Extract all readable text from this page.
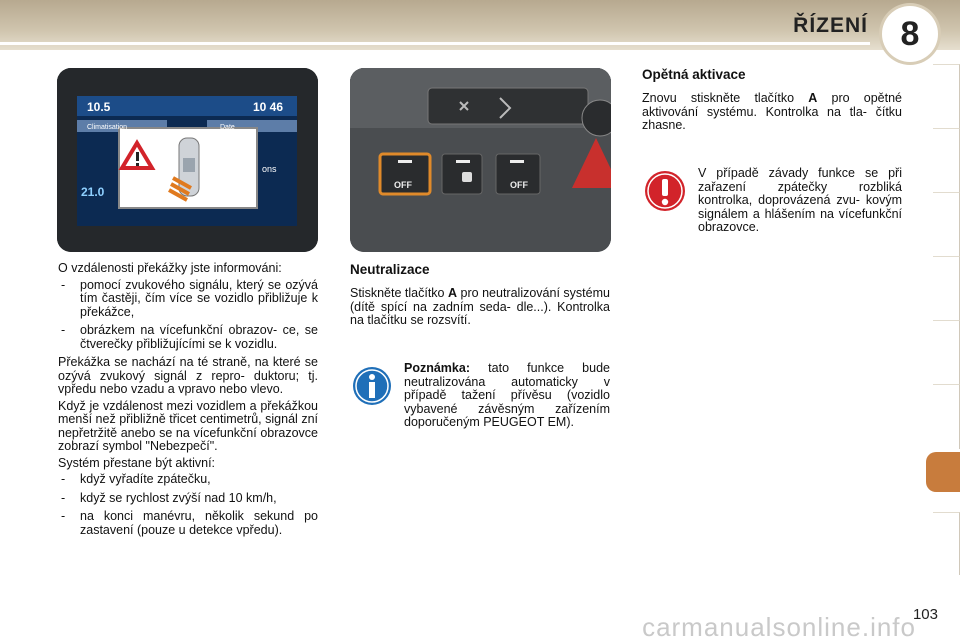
ŘÍZENÍ 8
10.5	10 46
Climatisation	Date
21.0
ons
OFF	OFF

O vzdálenosti překážky jste informováni:

- pomocí zvukového signálu, který se ozývá tím častěji, čím více se vozidlo přibližuje k překážce,
- obrázkem na vícefunkční obrazov- ce, se čtverečky přibližujícími se k vozidlu.

Překážka se nachází na té straně, na které se ozývá zvukový signál z repro- duktoru; tj. vpředu nebo vzadu a vpravo nebo vlevo.

Když je vzdálenost mezi vozidlem a překážkou menší než přibližně třicet centimetrů, signál zní nepřetržitě anebo se na vícefunkční obrazovce zobrazí symbol "Nebezpečí".

Systém přestane být aktivní:

- když vyřadíte zpátečku,
- když se rychlost zvýší nad 10 km/h,
- na konci manévru, několik sekund po zastavení (pouze u detekce vpředu).
Neutralizace
Stiskněte tlačítko A pro neutralizování systému (dítě spící na zadním seda- dle...). Kontrolka na tlačítku se rozsvítí.
Poznámka: tato funkce bude neutralizována automaticky v případě tažení přívěsu (vozidlo vybavené závěsným zařízením doporučeným PEUGEOT EM).
Opětná aktivace
Znovu stiskněte tlačítko A pro opětné aktivování systému. Kontrolka na tla- čítku zhasne.
V případě závady funkce se při zařazení zpátečky rozbliká kontrolka, doprovázená zvu- kovým signálem a hlášením na vícefunkční obrazovce.
carmanualsonline.info
103
